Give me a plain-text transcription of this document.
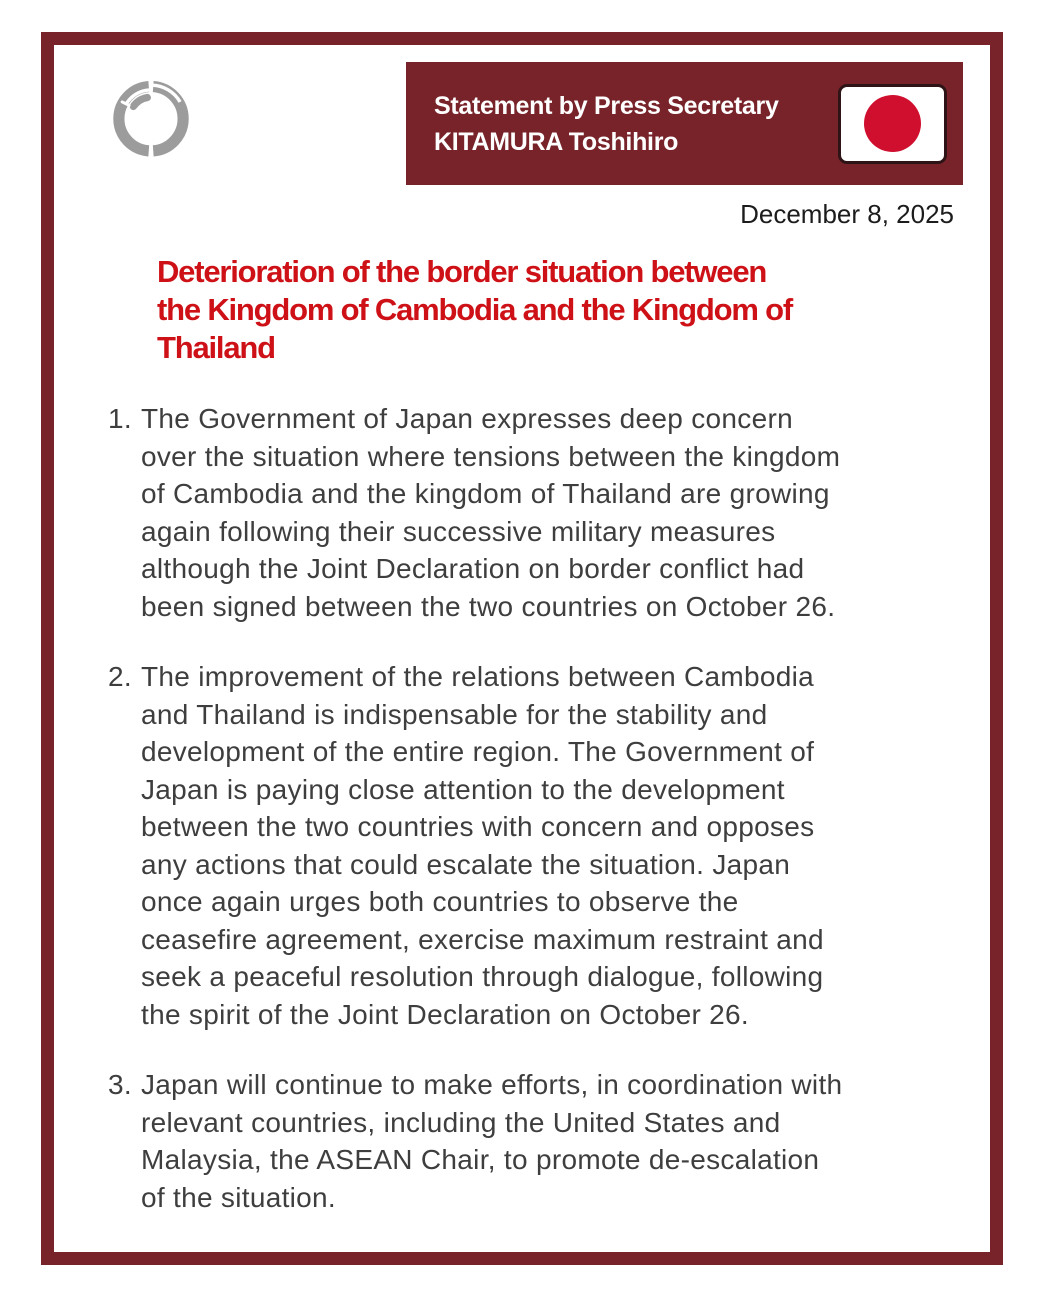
Statement by Press Secretary
KITAMURA Toshihiro
December 8, 2025
Deterioration of the border situation between
the Kingdom of Cambodia and the Kingdom of
Thailand
1. The Government of Japan expresses deep concern
over the situation where tensions between the kingdom
of Cambodia and the kingdom of Thailand are growing
again following their successive military measures
although the Joint Declaration on border conflict had
been signed between the two countries on October 26.
2. The improvement of the relations between Cambodia
and Thailand is indispensable for the stability and
development of the entire region. The Government of
Japan is paying close attention to the development
between the two countries with concern and opposes
any actions that could escalate the situation. Japan
once again urges both countries to observe the
ceasefire agreement, exercise maximum restraint and
seek a peaceful resolution through dialogue, following
the spirit of the Joint Declaration on October 26.
3. Japan will continue to make efforts, in coordination with
relevant countries, including the United States and
Malaysia, the ASEAN Chair, to promote de-escalation
of the situation.
